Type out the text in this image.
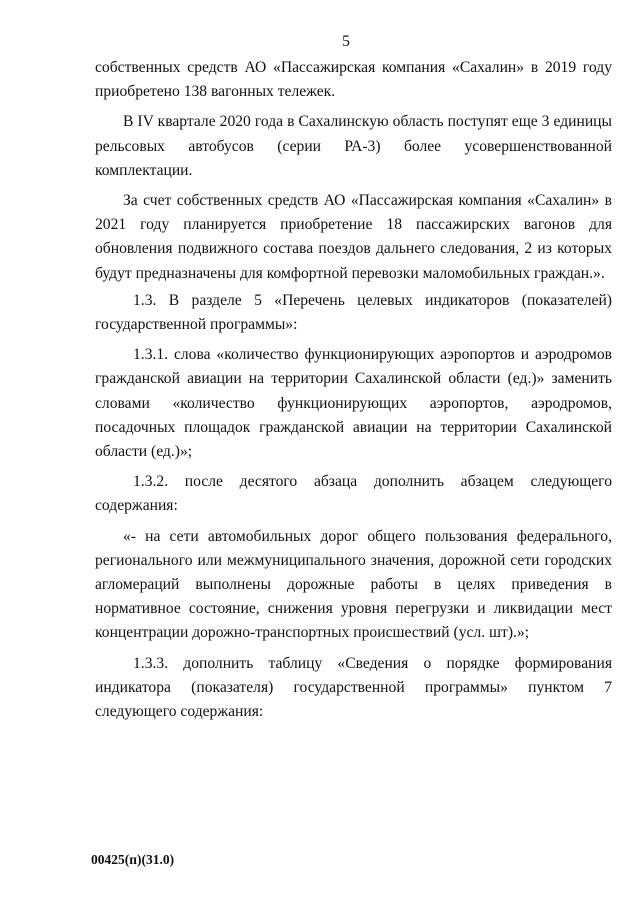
5

собственных средств АО «Пассажирская компания «Сахалин» в 2019 году приобретено 138 вагонных тележек.

В IV квартале 2020 года в Сахалинскую область поступят еще 3 единицы рельсовых автобусов (серии РА-3) более усовершенствованной комплектации.

За счет собственных средств АО «Пассажирская компания «Сахалин» в 2021 году планируется приобретение 18 пассажирских вагонов для обновления подвижного состава поездов дальнего следования, 2 из которых будут предназначены для комфортной перевозки маломобильных граждан.».

1.3. В разделе 5 «Перечень целевых индикаторов (показателей) государственной программы»:

1.3.1. слова «количество функционирующих аэропортов и аэродромов гражданской авиации на территории Сахалинской области (ед.)» заменить словами «количество функционирующих аэропортов, аэродромов, посадочных площадок гражданской авиации на территории Сахалинской области (ед.)»;

1.3.2. после десятого абзаца дополнить абзацем следующего содержания:

«- на сети автомобильных дорог общего пользования федерального, регионального или межмуниципального значения, дорожной сети городских агломераций выполнены дорожные работы в целях приведения в нормативное состояние, снижения уровня перегрузки и ликвидации мест концентрации дорожно-транспортных происшествий (усл. шт).»;

1.3.3. дополнить таблицу «Сведения о порядке формирования индикатора (показателя) государственной программы» пунктом 7 следующего содержания:

00425(п)(31.0)
